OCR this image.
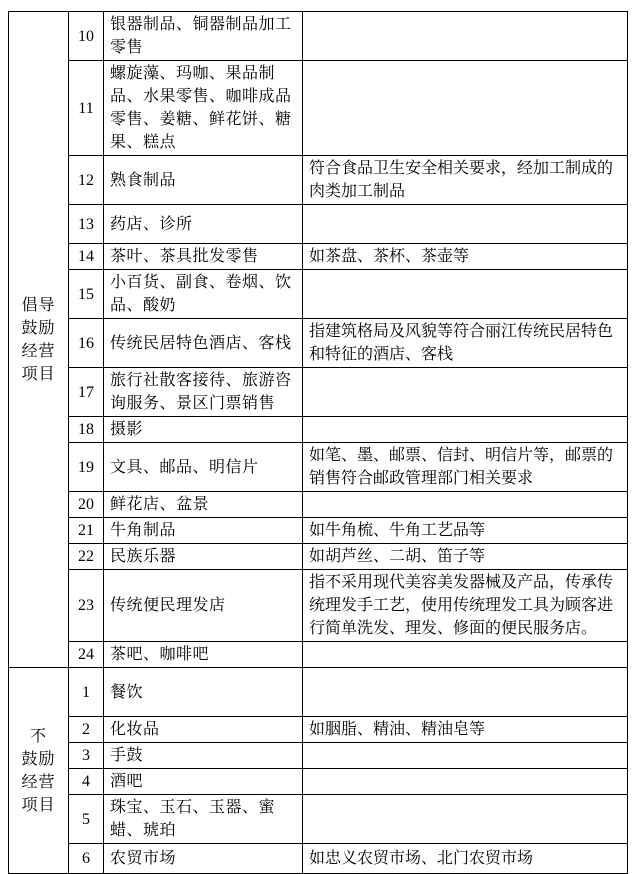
倡导
鼓励
经营
项目	10	银器制品、铜器制品加工零售	
	11	螺旋藻、玛咖、果品制品、水果零售、咖啡成品零售、姜糖、鲜花饼、糖果、糕点	
	12	熟食制品	符合食品卫生安全相关要求，经加工制成的肉类加工制品
	13	药店、诊所	
	14	茶叶、茶具批发零售	如茶盘、茶杯、茶壶等
	15	小百货、副食、卷烟、饮品、酸奶	
	16	传统民居特色酒店、客栈	指建筑格局及风貌等符合丽江传统民居特色和特征的酒店、客栈
	17	旅行社散客接待、旅游咨询服务、景区门票销售	
	18	摄影	
	19	文具、邮品、明信片	如笔、墨、邮票、信封、明信片等，邮票的销售符合邮政管理部门相关要求
	20	鲜花店、盆景	
	21	牛角制品	如牛角梳、牛角工艺品等
	22	民族乐器	如胡芦丝、二胡、笛子等
	23	传统便民理发店	指不采用现代美容美发器械及产品，传承传统理发手工艺，使用传统理发工具为顾客进行简单洗发、理发、修面的便民服务店。
	24	茶吧、咖啡吧	

不
鼓励
经营
项目	1	餐饮	
	2	化妆品	如胭脂、精油、精油皂等
	3	手鼓	
	4	酒吧	
	5	珠宝、玉石、玉器、蜜蜡、琥珀	
	6	农贸市场	如忠义农贸市场、北门农贸市场
